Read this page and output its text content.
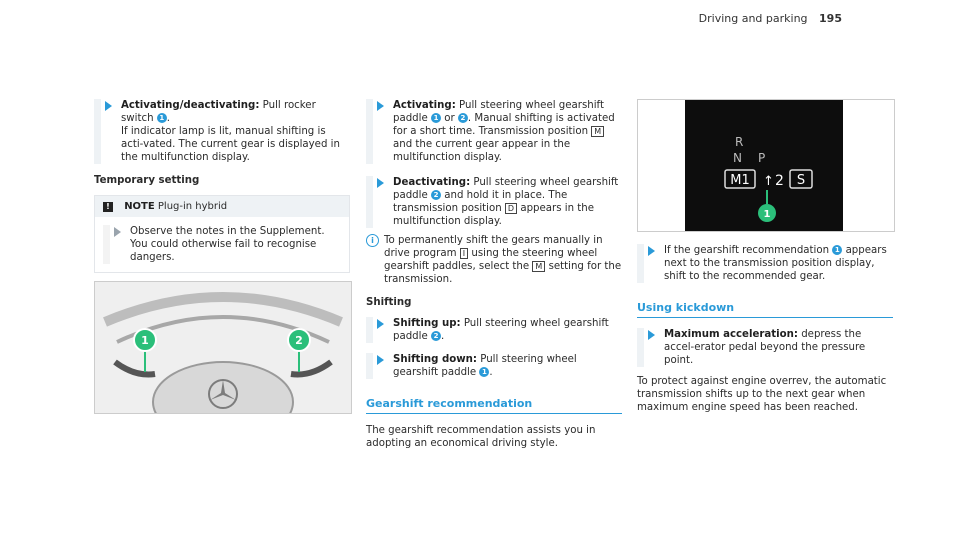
Driving and parking 195

Activating/deactivating: Pull rocker switch 1 .
If indicator lamp is lit, manual shifting is acti-vated. The current gear is displayed in the multifunction display.

Temporary setting
! NOTE Plug-in hybrid

Observe the notes in the Supplement. You could otherwise fail to recognise dangers.

1	2

Activating: Pull steering wheel gearshift paddle 1 or 2 . Manual shifting is activated for a short time. Transmission position M and the current gear appear in the multifunction display.

Deactivating: Pull steering wheel gearshift paddle 2 and hold it in place. The transmission position D appears in the multifunction display.

i To permanently shift the gears manually in drive program I using the steering wheel gearshift paddles, select the M setting for the transmission.
Shifting

Shifting up: Pull steering wheel gearshift paddle 2 .

Shifting down: Pull steering wheel gearshift paddle 1 .

Gearshift recommendation

The gearshift recommendation assists you in adopting an economical driving style.

R
N P
M1 ↑ 2 S
1

If the gearshift recommendation 1 appears next to the transmission position display, shift to the recommended gear.

Using kickdown

Maximum acceleration: depress the accel-erator pedal beyond the pressure point.

To protect against engine overrev, the automatic transmission shifts up to the next gear when maximum engine speed has been reached.
